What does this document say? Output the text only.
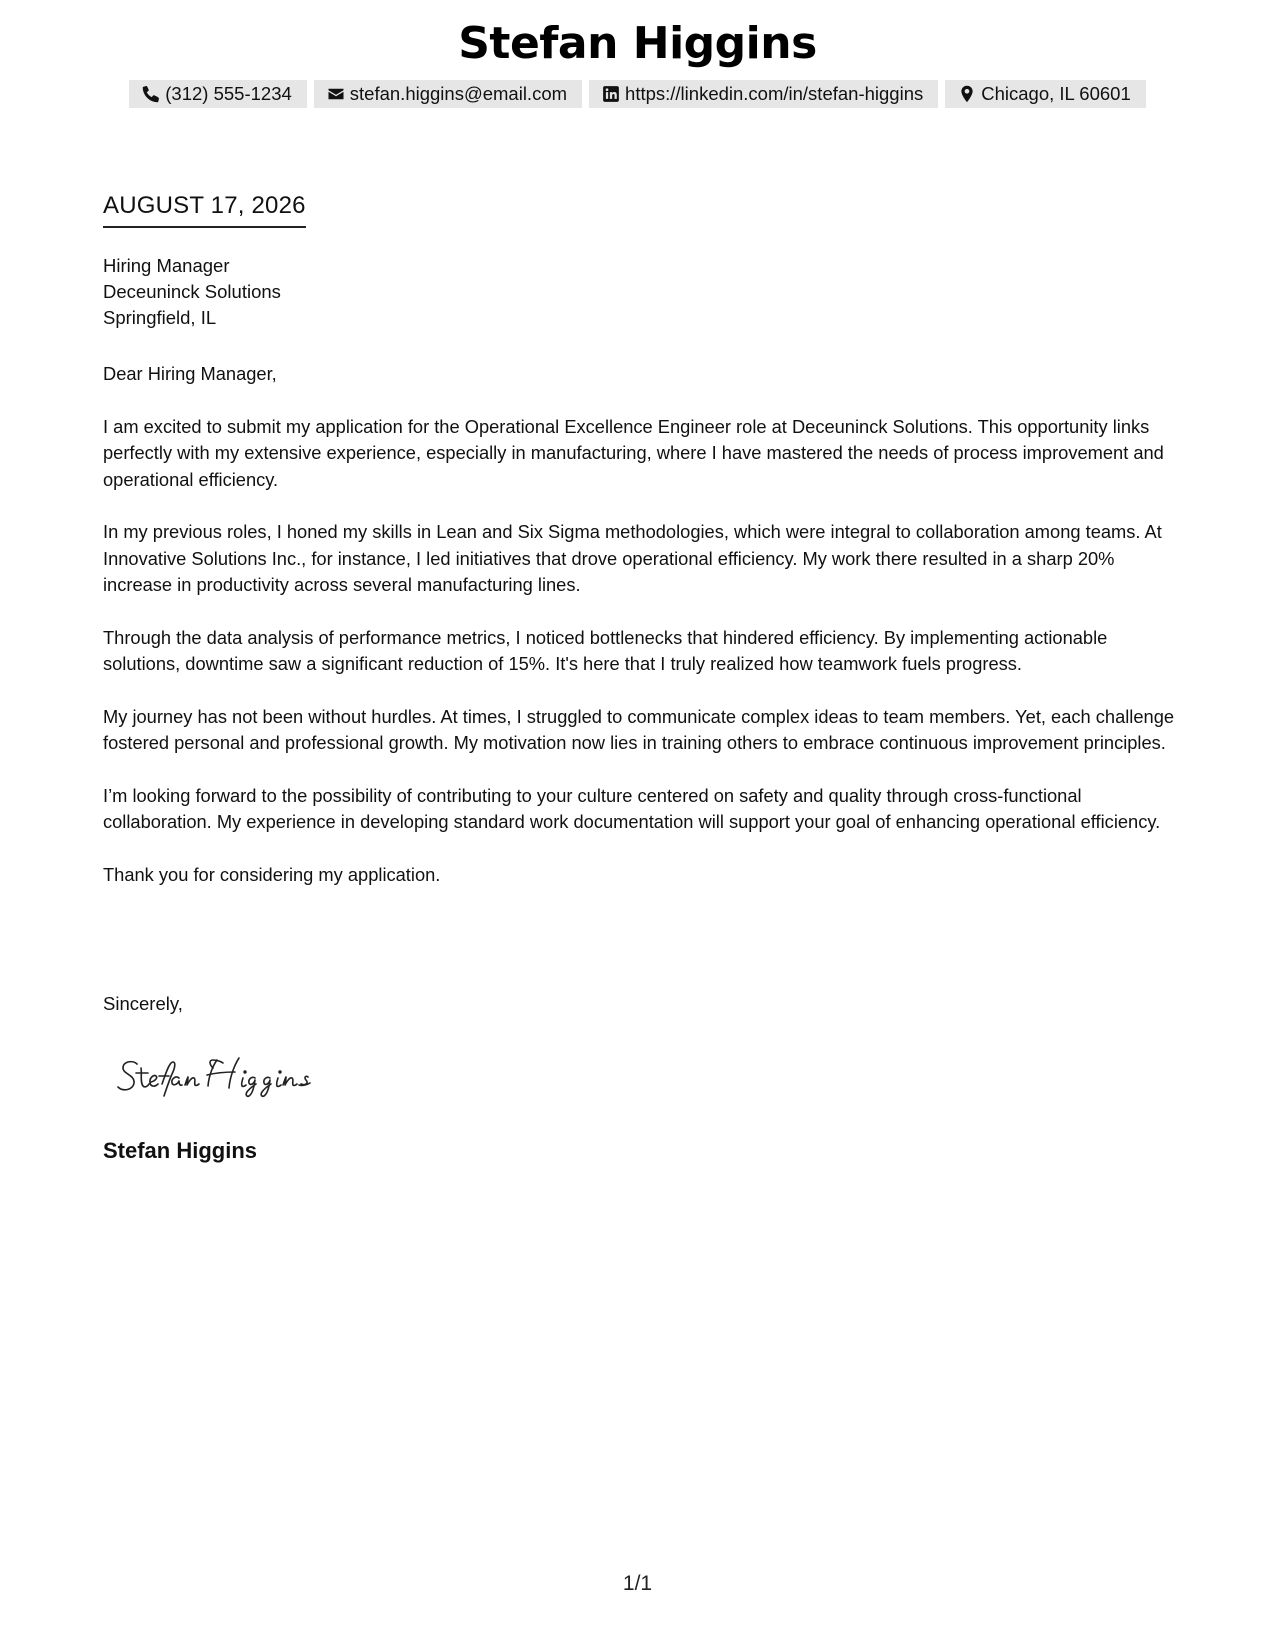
Stefan Higgins
(312) 555-1234	stefan.higgins@email.com	https://linkedin.com/in/stefan-higgins	Chicago, IL 60601
AUGUST 17, 2026
Hiring Manager
Deceuninck Solutions
Springfield, IL

Dear Hiring Manager,

I am excited to submit my application for the Operational Excellence Engineer role at Deceuninck Solutions. This opportunity links perfectly with my extensive experience, especially in manufacturing, where I have mastered the needs of process improvement and operational efficiency.

In my previous roles, I honed my skills in Lean and Six Sigma methodologies, which were integral to collaboration among teams. At Innovative Solutions Inc., for instance, I led initiatives that drove operational efficiency. My work there resulted in a sharp 20% increase in productivity across several manufacturing lines.

Through the data analysis of performance metrics, I noticed bottlenecks that hindered efficiency. By implementing actionable solutions, downtime saw a significant reduction of 15%. It's here that I truly realized how teamwork fuels progress.

My journey has not been without hurdles. At times, I struggled to communicate complex ideas to team members. Yet, each challenge fostered personal and professional growth. My motivation now lies in training others to embrace continuous improvement principles.

I’m looking forward to the possibility of contributing to your culture centered on safety and quality through cross-functional collaboration. My experience in developing standard work documentation will support your goal of enhancing operational efficiency.

Thank you for considering my application.

Sincerely,
Stefan Higgins
1/1
